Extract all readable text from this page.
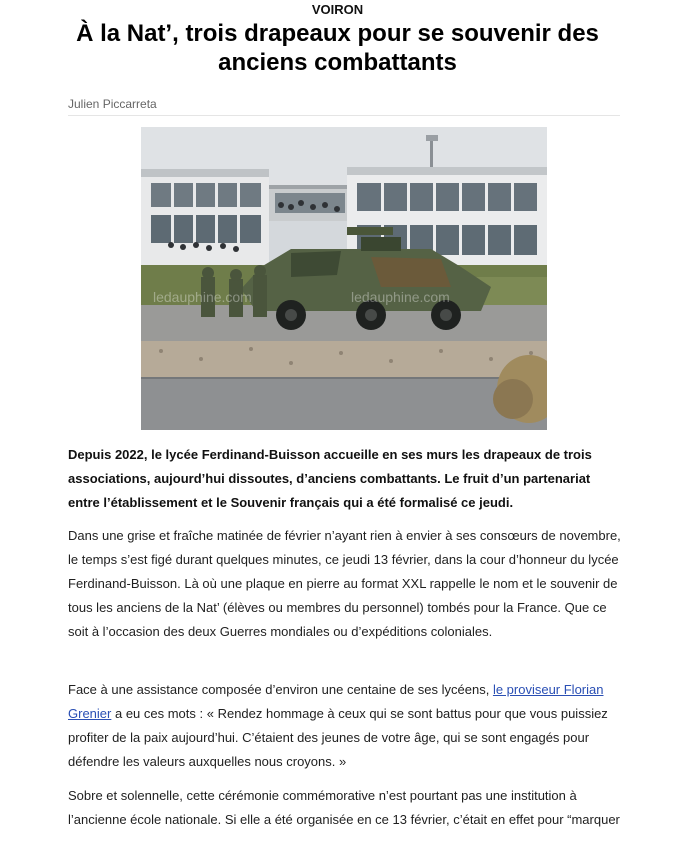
VOIRON
À la Nat’, trois drapeaux pour se souvenir des anciens combattants
Julien Piccarreta
ledauphine.com	ledauphine.com

Depuis 2022, le lycée Ferdinand-Buisson accueille en ses murs les drapeaux de trois associations, aujourd’hui dissoutes, d’anciens combattants. Le fruit d’un partenariat entre l’établissement et le Souvenir français qui a été formalisé ce jeudi.

Dans une grise et fraîche matinée de février n’ayant rien à envier à ses consœurs de novembre, le temps s’est figé durant quelques minutes, ce jeudi 13 février, dans la cour d’honneur du lycée Ferdinand-Buisson. Là où une plaque en pierre au format XXL rappelle le nom et le souvenir de tous les anciens de la Nat’ (élèves ou membres du personnel) tombés pour la France. Que ce soit à l’occasion des deux Guerres mondiales ou d’expéditions coloniales.

Face à une assistance composée d’environ une centaine de ses lycéens, le proviseur Florian Grenier a eu ces mots : « Rendez hommage à ceux qui se sont battus pour que vous puissiez profiter de la paix aujourd’hui. C’étaient des jeunes de votre âge, qui se sont engagés pour défendre les valeurs auxquelles nous croyons. »

Sobre et solennelle, cette cérémonie commémorative n’est pourtant pas une institution à l’ancienne école nationale. Si elle a été organisée en ce 13 février, c’était en effet pour “marquer
